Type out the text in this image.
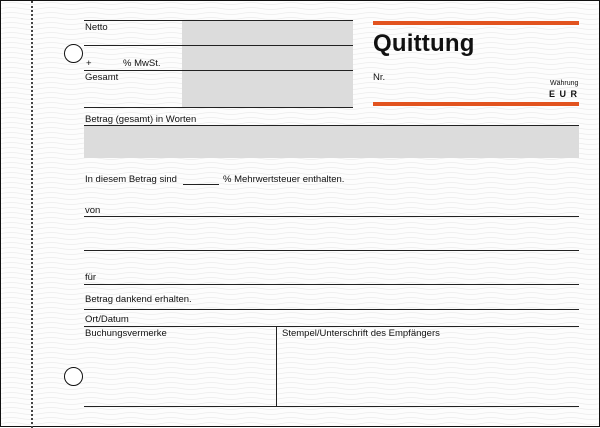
Netto
+	% MwSt.
Gesamt
Quittung
Nr.
Währung
E U R
Betrag (gesamt) in Worten
In diesem Betrag sind	% Mehrwertsteuer enthalten.
von
für
Betrag dankend erhalten.
Ort/Datum
Buchungsvermerke	Stempel/Unterschrift des Empfängers
